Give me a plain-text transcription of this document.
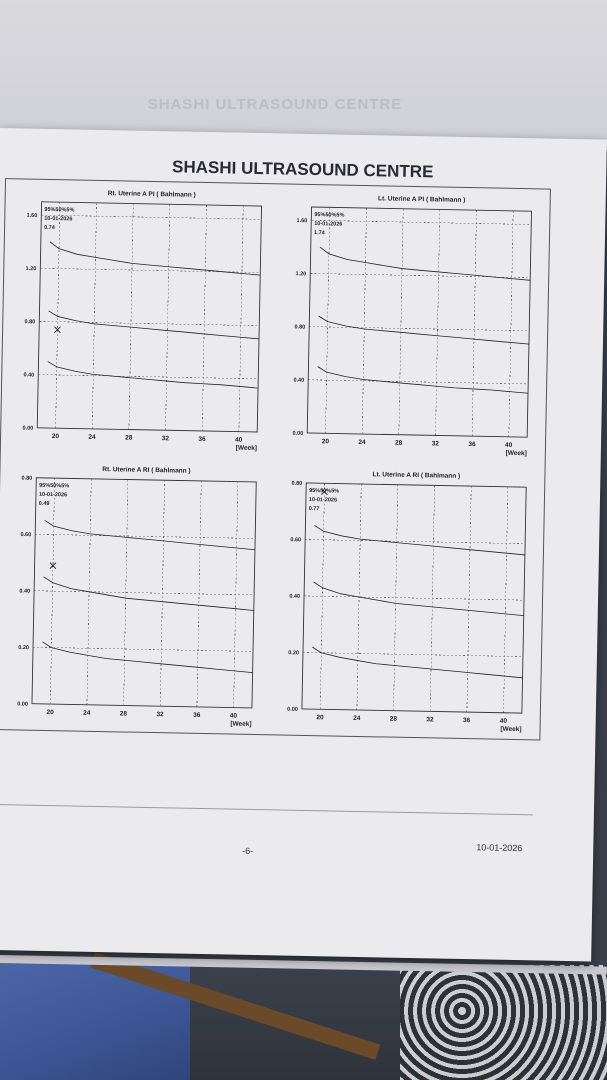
SHASHI ULTRASOUND CENTRE
SHASHI ULTRASOUND CENTRE
Rt. Uterine A PI ( Bahlmann )
20	24	28	32	36	40
0.00
0.40
0.80
1.20
1.60
[Week]
95%50%5%
10-01-2026
0.74
Lt. Uterine A PI ( Bahlmann )
20	24	28	32	36	40
0.00
0.40
0.80
1.20
1.60
[Week]
95%50%5%
10-01-2026
1.74
Rt. Uterine A RI ( Bahlmann )
20	24	28	32	36	40
0.00
0.20
0.40
0.60
0.80
[Week]
95%50%5%
10-01-2026
0.49
Lt. Uterine A RI ( Bahlmann )
20	24	28	32	36	40
0.00
0.20
0.40
0.60
0.80
[Week]
95%50%5%
10-01-2026
0.77
-6-	10-01-2026
